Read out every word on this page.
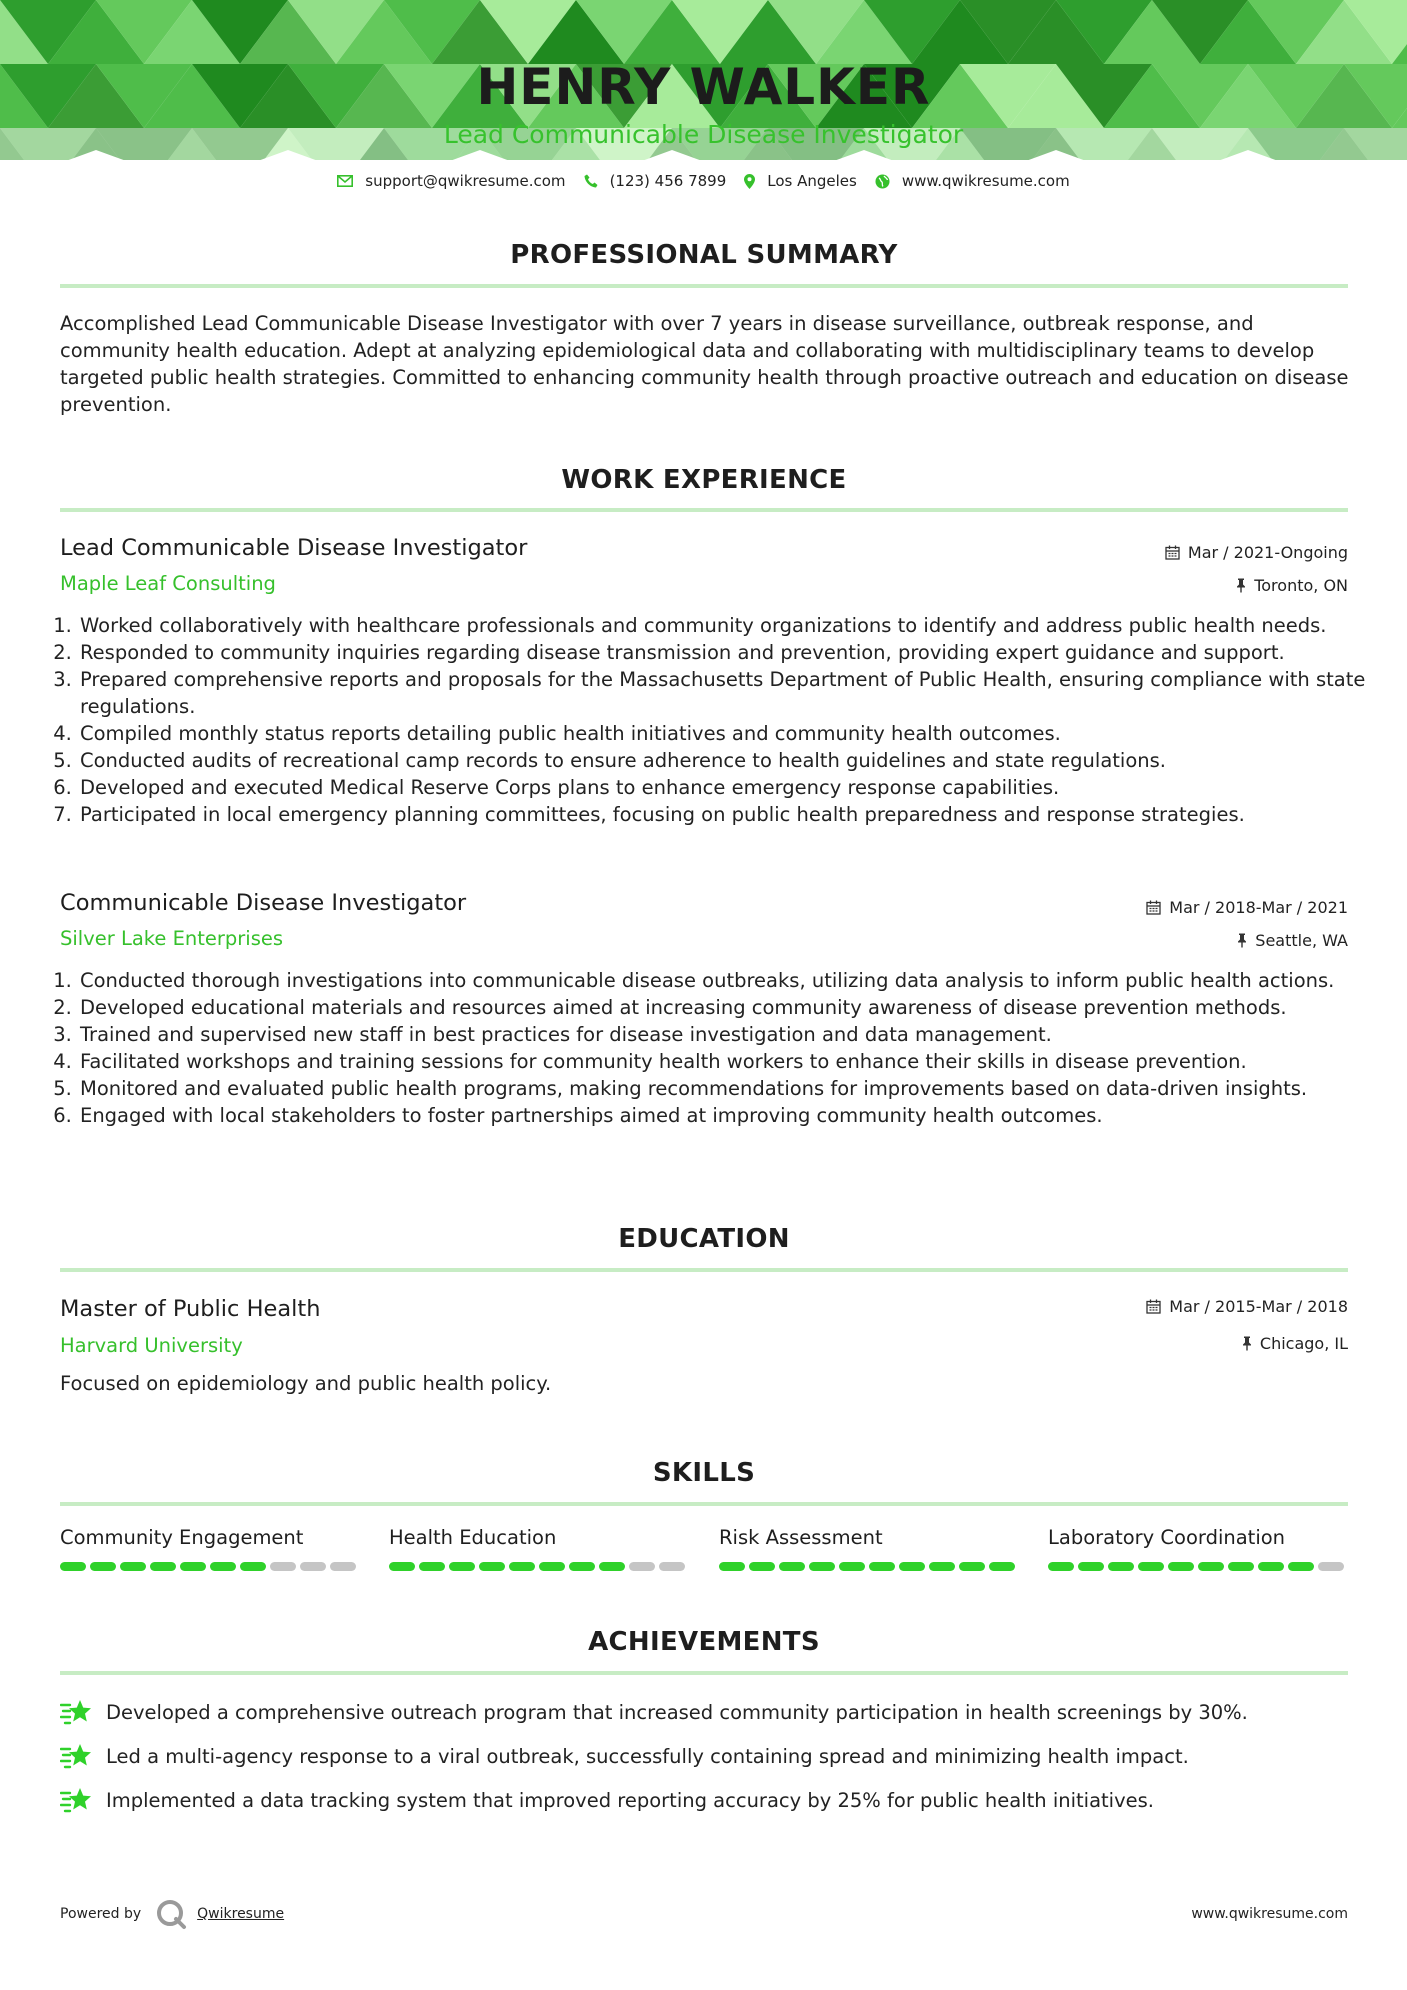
HENRY WALKER
Lead Communicable Disease Investigator
support@qwikresume.com	(123) 456 7899	Los Angeles	www.qwikresume.com
PROFESSIONAL SUMMARY
Accomplished Lead Communicable Disease Investigator with over 7 years in disease surveillance, outbreak response, and community health education. Adept at analyzing epidemiological data and collaborating with multidisciplinary teams to develop targeted public health strategies. Committed to enhancing community health through proactive outreach and education on disease prevention.
WORK EXPERIENCE
Lead Communicable Disease Investigator
Maple Leaf Consulting
Mar / 2021-Ongoing
Toronto, ON
1. Worked collaboratively with healthcare professionals and community organizations to identify and address public health needs.
2. Responded to community inquiries regarding disease transmission and prevention, providing expert guidance and support.
3. Prepared comprehensive reports and proposals for the Massachusetts Department of Public Health, ensuring compliance with state regulations.
4. Compiled monthly status reports detailing public health initiatives and community health outcomes.
5. Conducted audits of recreational camp records to ensure adherence to health guidelines and state regulations.
6. Developed and executed Medical Reserve Corps plans to enhance emergency response capabilities.
7. Participated in local emergency planning committees, focusing on public health preparedness and response strategies.
Communicable Disease Investigator
Silver Lake Enterprises
Mar / 2018-Mar / 2021
Seattle, WA
1. Conducted thorough investigations into communicable disease outbreaks, utilizing data analysis to inform public health actions.
2. Developed educational materials and resources aimed at increasing community awareness of disease prevention methods.
3. Trained and supervised new staff in best practices for disease investigation and data management.
4. Facilitated workshops and training sessions for community health workers to enhance their skills in disease prevention.
5. Monitored and evaluated public health programs, making recommendations for improvements based on data-driven insights.
6. Engaged with local stakeholders to foster partnerships aimed at improving community health outcomes.
EDUCATION
Master of Public Health
Harvard University
Mar / 2015-Mar / 2018
Chicago, IL
Focused on epidemiology and public health policy.
SKILLS
Community Engagement	Health Education	Risk Assessment	Laboratory Coordination
ACHIEVEMENTS
Developed a comprehensive outreach program that increased community participation in health screenings by 30%.
Led a multi-agency response to a viral outbreak, successfully containing spread and minimizing health impact.
Implemented a data tracking system that improved reporting accuracy by 25% for public health initiatives.
Powered by	Qwikresume	www.qwikresume.com
